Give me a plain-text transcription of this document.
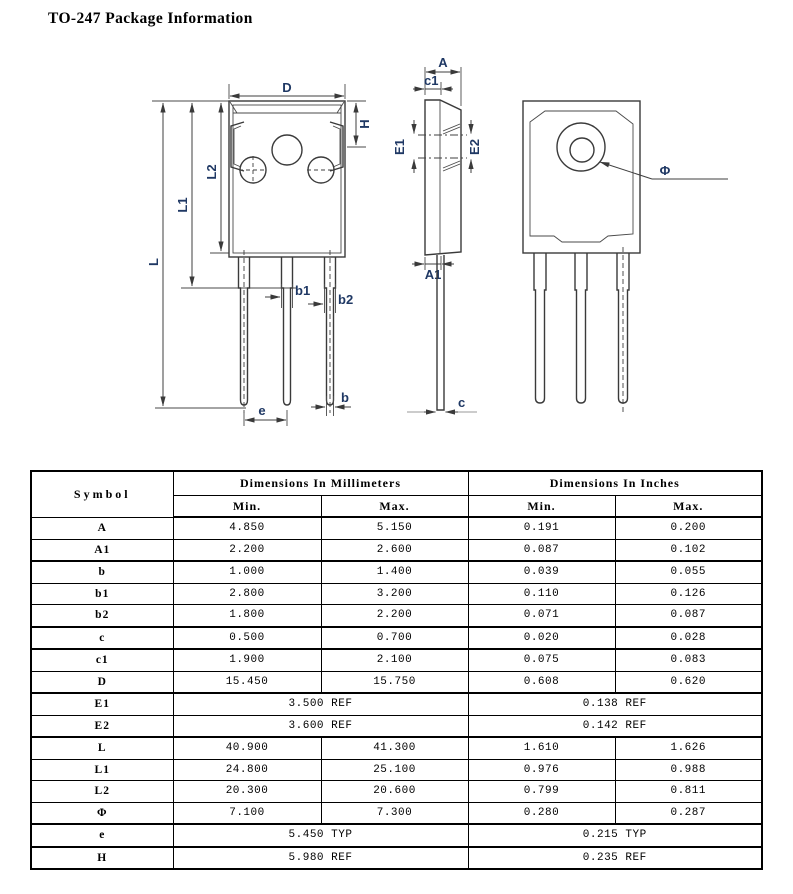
TO-247 Package Information
L
L1
L2
D
H
b1
b2
b
e
A
c1
E1	E2
A1
c
Φ
Symbol	Dimensions In Millimeters		Dimensions In Inches	
	Min.	Max.	Min.	Max.
A	4.850	5.150	0.191	0.200
A1	2.200	2.600	0.087	0.102
b	1.000	1.400	0.039	0.055
b1	2.800	3.200	0.110	0.126
b2	1.800	2.200	0.071	0.087
c	0.500	0.700	0.020	0.028
c1	1.900	2.100	0.075	0.083
D	15.450	15.750	0.608	0.620
E1	3.500 REF		0.138 REF	
E2	3.600 REF		0.142 REF	
L	40.900	41.300	1.610	1.626
L1	24.800	25.100	0.976	0.988
L2	20.300	20.600	0.799	0.811
Φ	7.100	7.300	0.280	0.287
e	5.450 TYP		0.215 TYP	
H	5.980 REF		0.235 REF	
